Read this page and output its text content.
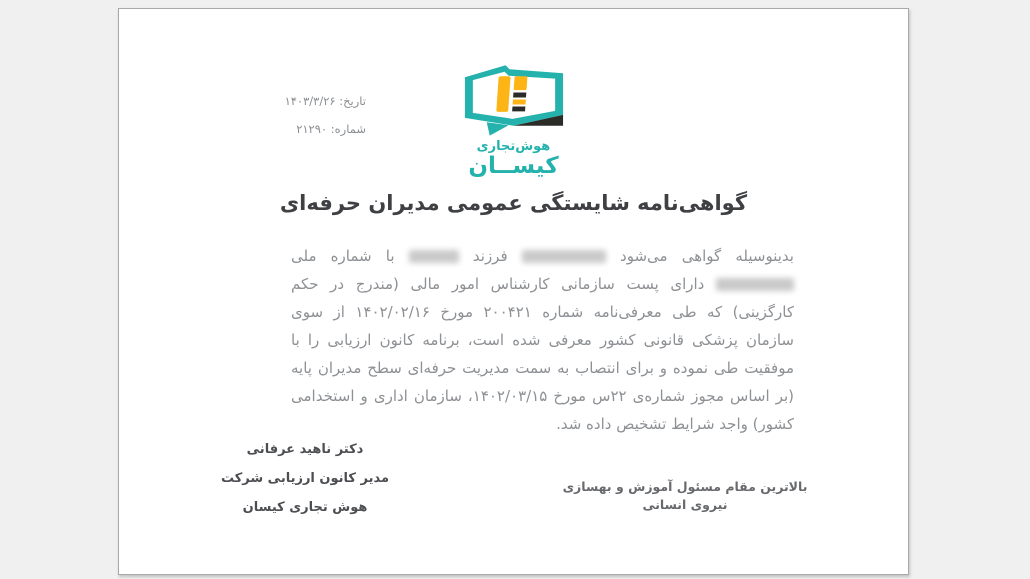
تاریخ: ۱۴۰۳/۳/۲۶
شماره: ۲۱۲۹۰
هوش‌تجاری
کیســان
گواهی‌نامه شایستگی عمومی مدیران حرفه‌ای

بدینوسیله گواهی می‌شود  فرزند  با شماره ملی  دارای پست سازمانی کارشناس امور مالی (مندرج در حکم کارگزینی) که طی معرفی‌نامه شماره ۲۰۰۴۲۱ مورخ ۱۴۰۲/۰۲/۱۶ از سوی سازمان پزشکی قانونی کشور معرفی شده است، برنامه کانون ارزیابی را با موفقیت طی نموده و برای انتصاب به سمت مدیریت حرفه‌ای سطح مدیران پایه (بر اساس مجوز شماره‌ی ۲۲س مورخ ۱۴۰۲/۰۳/۱۵، سازمان اداری و استخدامی کشور) واجد شرایط تشخیص داده شد.

دکتر ناهید عرفانی
مدیر کانون ارزیابی شرکت هوش تجاری کیسان
بالاترین مقام مسئول آموزش و بهسازی نیروی انسانی
